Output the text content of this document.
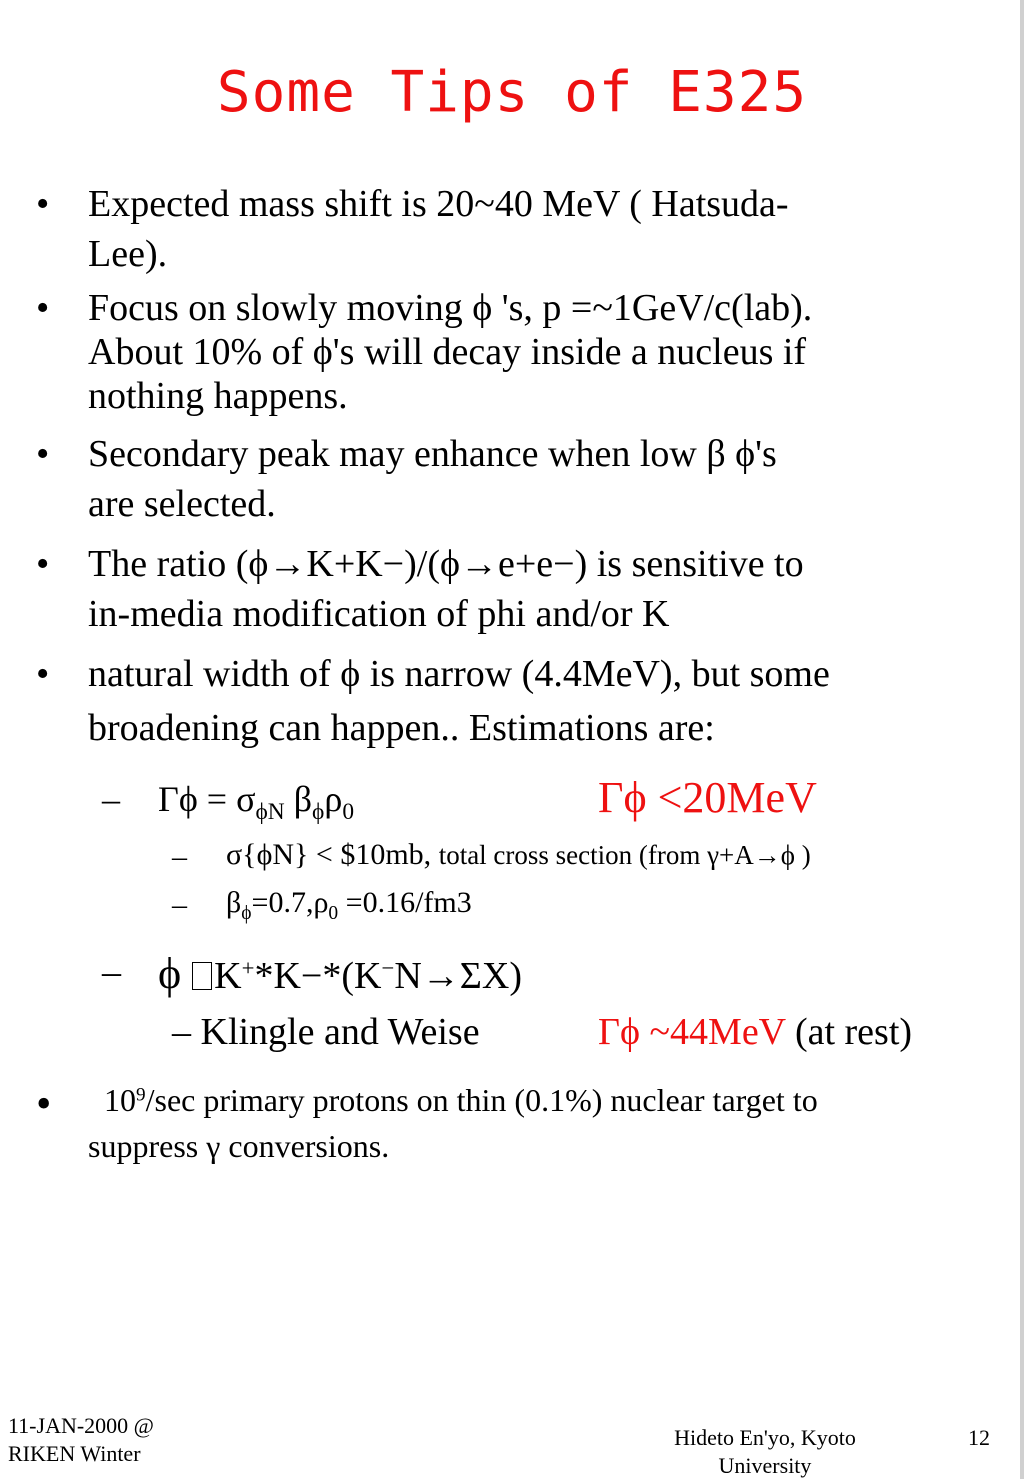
Some Tips of E325
• Expected mass shift is 20~40 MeV ( Hatsuda-
Lee).
• Focus on slowly moving ϕ 's, p =~1GeV/c(lab).
About 10% of ϕ's will decay inside a nucleus if
nothing happens.
• Secondary peak may enhance when low β ϕ's
are selected.
• The ratio (ϕ→K+K−)/(ϕ→e+e−) is sensitive to
in-media modification of phi and/or K
• natural width of ϕ is narrow (4.4MeV), but some
broadening can happen.. Estimations are:
– $\Gamma\phi = \sigma_{\phi N}$ $\beta_\phi\rho_0$	Γϕ <20MeV
– σ{ϕN} < $10mb, total cross section (from γ+A→ϕ )
– $\beta_\phi=0.7,\rho_0 =0.16/fm3$
– ϕ K+*K−*(K−N→ΣX)
– Klingle and Weise	Γϕ ~44MeV (at rest)
• $10^9/\sec$ primary protons on thin (0.1%) nuclear target to
suppress γ conversions.
11-JAN-2000 @
RIKEN Winter
Hideto En'yo, Kyoto
University
12
